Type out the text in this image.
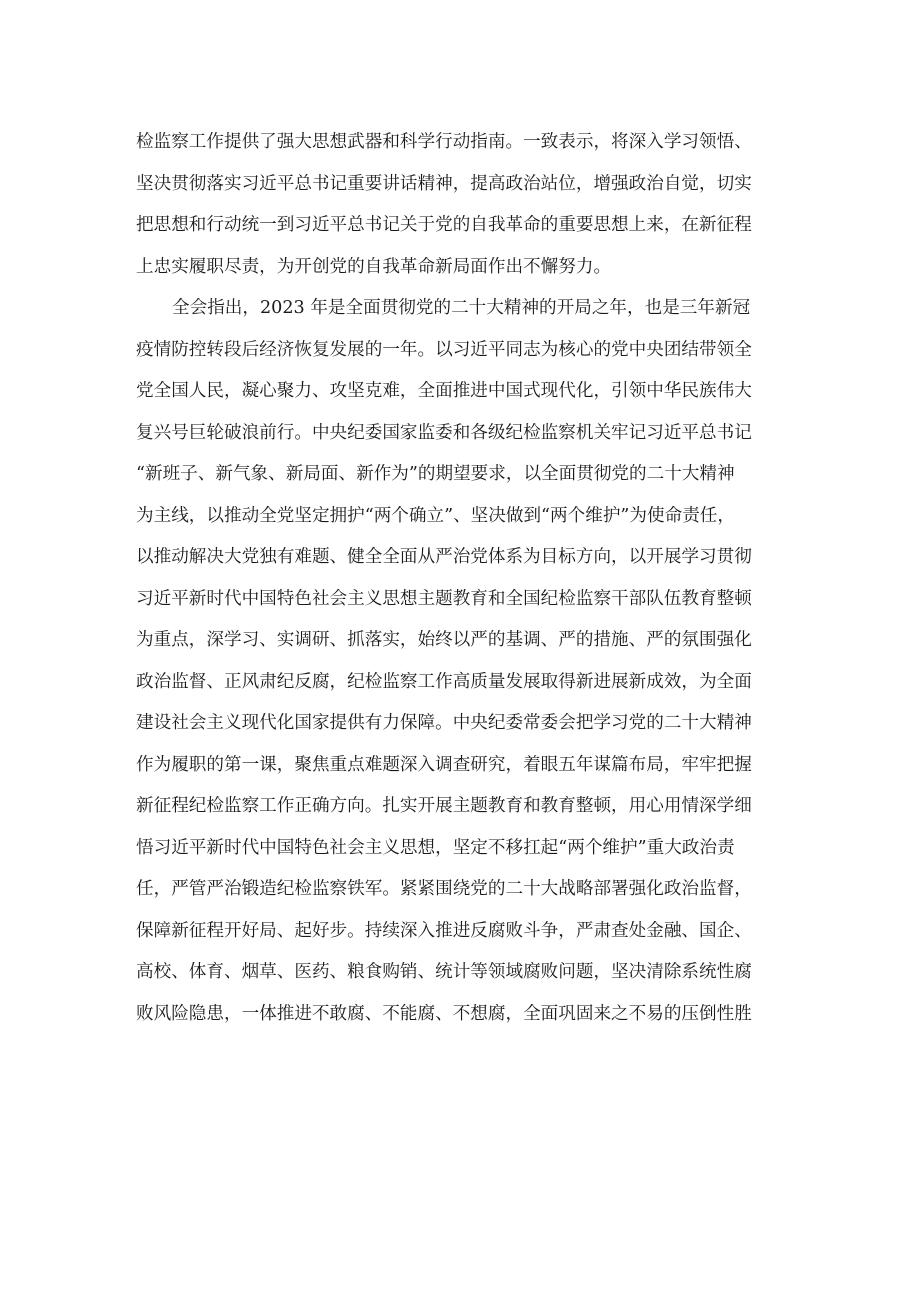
检监察工作提供了强大思想武器和科学行动指南。一致表示，将深入学习领悟、
坚决贯彻落实习近平总书记重要讲话精神，提高政治站位，增强政治自觉，切实
把思想和行动统一到习近平总书记关于党的自我革命的重要思想上来，在新征程
上忠实履职尽责，为开创党的自我革命新局面作出不懈努力。
全会指出，2023 年是全面贯彻党的二十大精神的开局之年，也是三年新冠
疫情防控转段后经济恢复发展的一年。以习近平同志为核心的党中央团结带领全
党全国人民，凝心聚力、攻坚克难，全面推进中国式现代化，引领中华民族伟大
复兴号巨轮破浪前行。中央纪委国家监委和各级纪检监察机关牢记习近平总书记
“新班子、新气象、新局面、新作为”的期望要求，以全面贯彻党的二十大精神
为主线，以推动全党坚定拥护“两个确立”、坚决做到“两个维护”为使命责任，
以推动解决大党独有难题、健全全面从严治党体系为目标方向，以开展学习贯彻
习近平新时代中国特色社会主义思想主题教育和全国纪检监察干部队伍教育整顿
为重点，深学习、实调研、抓落实，始终以严的基调、严的措施、严的氛围强化
政治监督、正风肃纪反腐，纪检监察工作高质量发展取得新进展新成效，为全面
建设社会主义现代化国家提供有力保障。中央纪委常委会把学习党的二十大精神
作为履职的第一课，聚焦重点难题深入调查研究，着眼五年谋篇布局，牢牢把握
新征程纪检监察工作正确方向。扎实开展主题教育和教育整顿，用心用情深学细
悟习近平新时代中国特色社会主义思想，坚定不移扛起“两个维护”重大政治责
任，严管严治锻造纪检监察铁军。紧紧围绕党的二十大战略部署强化政治监督，
保障新征程开好局、起好步。持续深入推进反腐败斗争，严肃查处金融、国企、
高校、体育、烟草、医药、粮食购销、统计等领域腐败问题，坚决清除系统性腐
败风险隐患，一体推进不敢腐、不能腐、不想腐，全面巩固来之不易的压倒性胜
